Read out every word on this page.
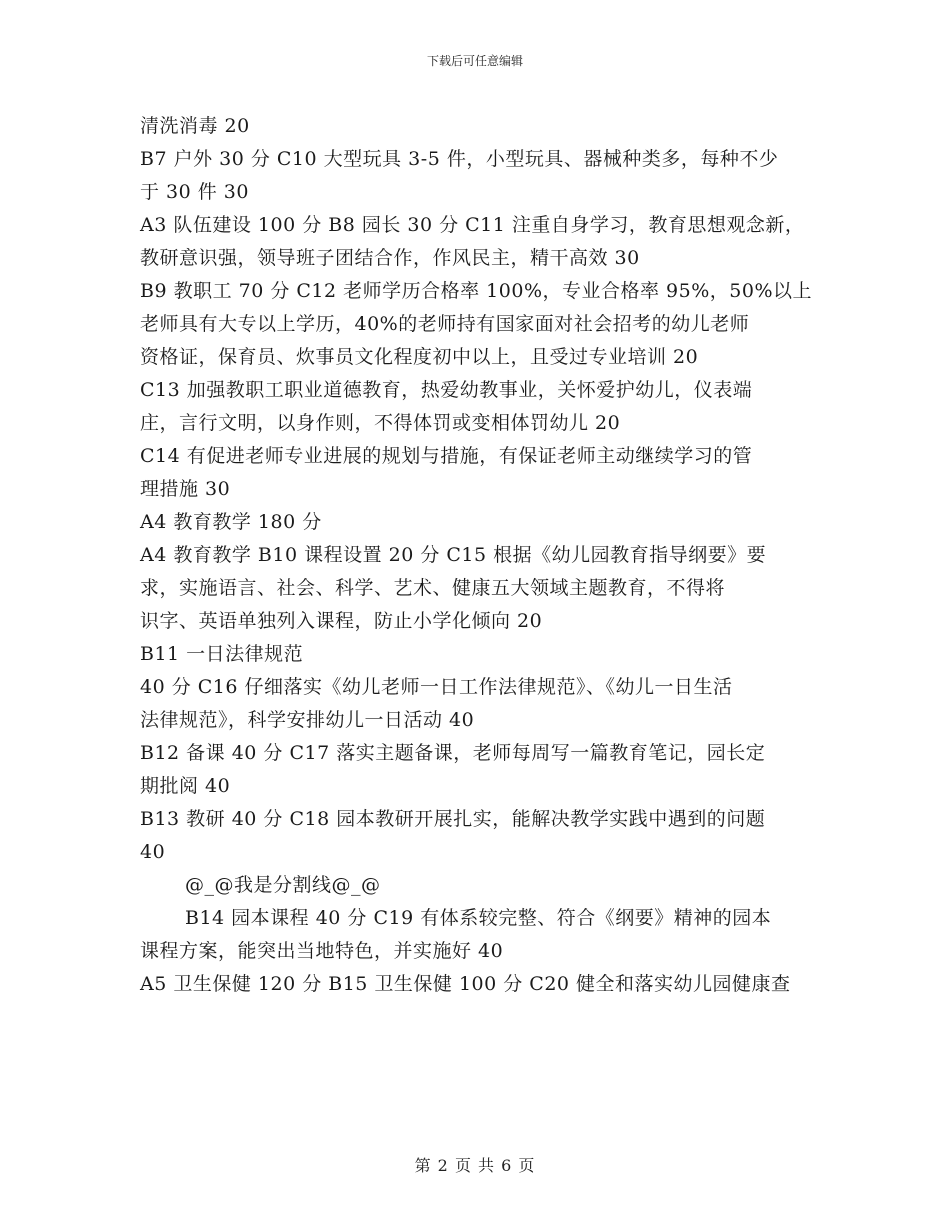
下载后可任意编辑
清洗消毒 20
B7 户外 30 分 C10 大型玩具 3-5 件，小型玩具、器械种类多，每种不少
于 30 件 30
A3 队伍建设 100 分 B8 园长 30 分 C11 注重自身学习，教育思想观念新，
教研意识强，领导班子团结合作，作风民主，精干高效 30
B9 教职工 70 分 C12 老师学历合格率 100%，专业合格率 95%，50%以上
老师具有大专以上学历，40%的老师持有国家面对社会招考的幼儿老师
资格证，保育员、炊事员文化程度初中以上，且受过专业培训 20
C13 加强教职工职业道德教育，热爱幼教事业，关怀爱护幼儿，仪表端
庄，言行文明，以身作则，不得体罚或变相体罚幼儿 20
C14 有促进老师专业进展的规划与措施，有保证老师主动继续学习的管
理措施 30
A4 教育教学 180 分
A4 教育教学 B10 课程设置 20 分 C15 根据《幼儿园教育指导纲要》要
求，实施语言、社会、科学、艺术、健康五大领域主题教育，不得将
识字、英语单独列入课程，防止小学化倾向 20
B11 一日法律规范
40 分 C16 仔细落实《幼儿老师一日工作法律规范》、《幼儿一日生活
法律规范》，科学安排幼儿一日活动 40
B12 备课 40 分 C17 落实主题备课，老师每周写一篇教育笔记，园长定
期批阅 40
B13 教研 40 分 C18 园本教研开展扎实，能解决教学实践中遇到的问题
40
@_@我是分割线@_@
B14 园本课程 40 分 C19 有体系较完整、符合《纲要》精神的园本
课程方案，能突出当地特色，并实施好 40
A5 卫生保健 120 分 B15 卫生保健 100 分 C20 健全和落实幼儿园健康查
第 2 页 共 6 页
